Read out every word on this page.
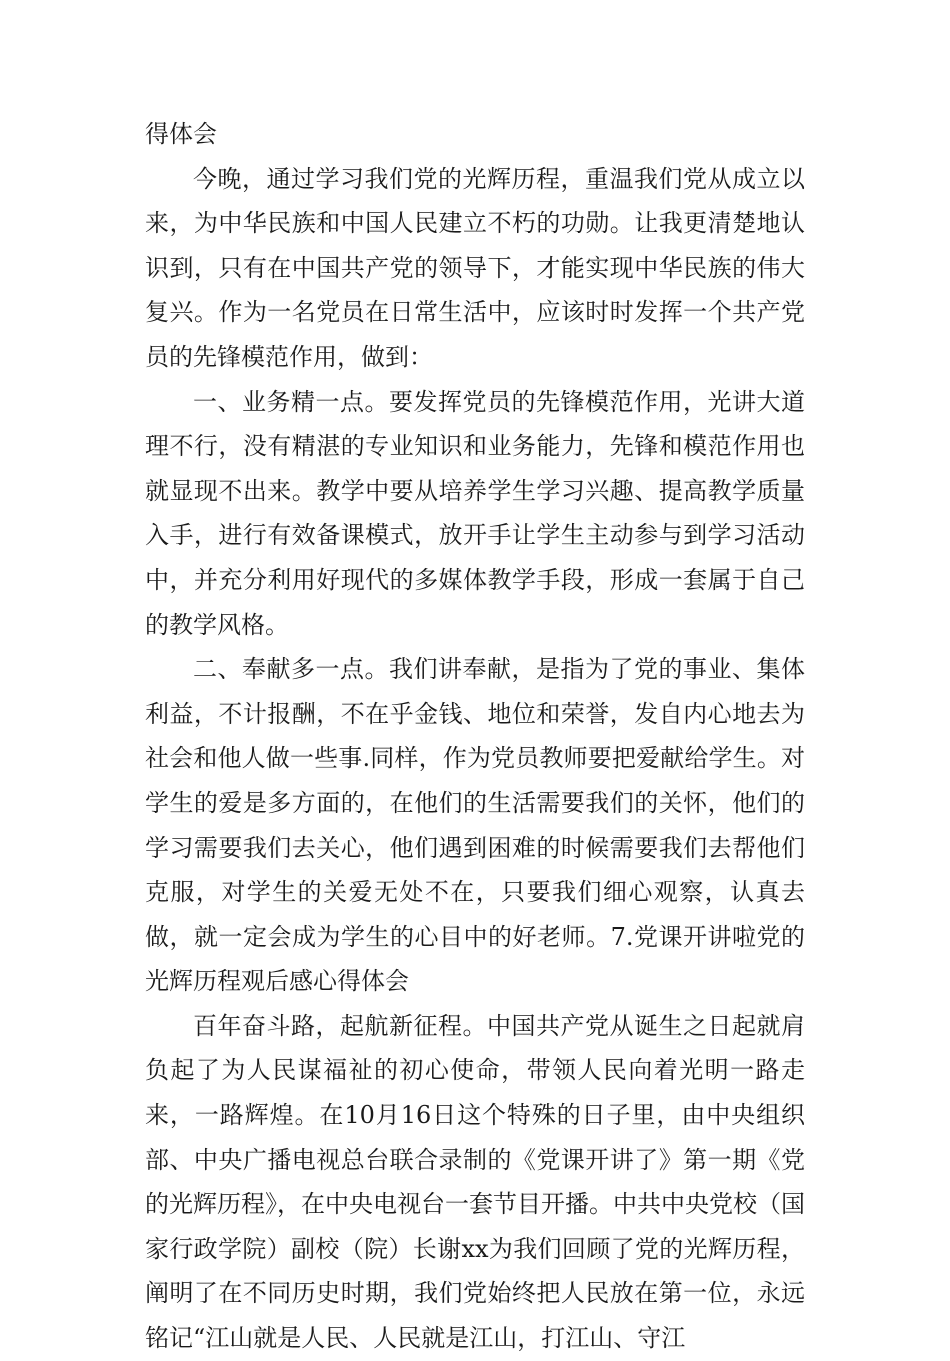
得体会

今晚，通过学习我们党的光辉历程，重温我们党从成立以来，为中华民族和中国人民建立不朽的功勋。让我更清楚地认识到，只有在中国共产党的领导下，才能实现中华民族的伟大复兴。作为一名党员在日常生活中，应该时时发挥一个共产党员的先锋模范作用，做到：

一、业务精一点。要发挥党员的先锋模范作用，光讲大道理不行，没有精湛的专业知识和业务能力，先锋和模范作用也就显现不出来。教学中要从培养学生学习兴趣、提高教学质量入手，进行有效备课模式，放开手让学生主动参与到学习活动中，并充分利用好现代的多媒体教学手段，形成一套属于自己的教学风格。

二、奉献多一点。我们讲奉献，是指为了党的事业、集体利益，不计报酬，不在乎金钱、地位和荣誉，发自内心地去为社会和他人做一些事.同样，作为党员教师要把爱献给学生。对学生的爱是多方面的，在他们的生活需要我们的关怀，他们的学习需要我们去关心，他们遇到困难的时候需要我们去帮他们克服，对学生的关爱无处不在，只要我们细心观察，认真去做，就一定会成为学生的心目中的好老师。7.党课开讲啦党的光辉历程观后感心得体会

百年奋斗路，起航新征程。中国共产党从诞生之日起就肩负起了为人民谋福祉的初心使命，带领人民向着光明一路走来，一路辉煌。在10月16日这个特殊的日子里，由中央组织部、中央广播电视总台联合录制的《党课开讲了》第一期《党的光辉历程》，在中央电视台一套节目开播。中共中央党校（国家行政学院）副校（院）长谢xx为我们回顾了党的光辉历程，阐明了在不同历史时期，我们党始终把人民放在第一位，永远铭记“江山就是人民、人民就是江山，打江山、守江
